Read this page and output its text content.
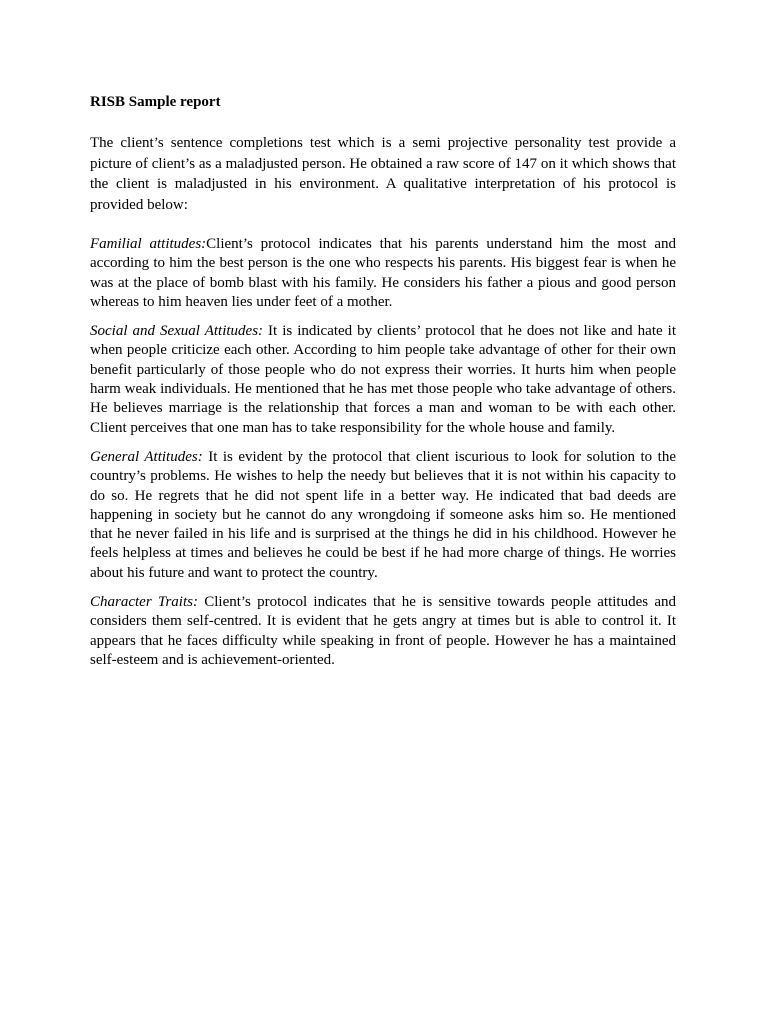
RISB Sample report

The client’s sentence completions test which is a semi projective personality test provide a picture of client’s as a maladjusted person. He obtained a raw score of 147 on it which shows that the client is maladjusted in his environment. A qualitative interpretation of his protocol is provided below:

Familial attitudes:Client’s protocol indicates that his parents understand him the most and according to him the best person is the one who respects his parents. His biggest fear is when he was at the place of bomb blast with his family. He considers his father a pious and good person whereas to him heaven lies under feet of a mother.

Social and Sexual Attitudes: It is indicated by clients’ protocol that he does not like and hate it when people criticize each other. According to him people take advantage of other for their own benefit particularly of those people who do not express their worries. It hurts him when people harm weak individuals. He mentioned that he has met those people who take advantage of others. He believes marriage is the relationship that forces a man and woman to be with each other. Client perceives that one man has to take responsibility for the whole house and family.

General Attitudes: It is evident by the protocol that client iscurious to look for solution to the country’s problems. He wishes to help the needy but believes that it is not within his capacity to do so. He regrets that he did not spent life in a better way. He indicated that bad deeds are happening in society but he cannot do any wrongdoing if someone asks him so. He mentioned that he never failed in his life and is surprised at the things he did in his childhood. However he feels helpless at times and believes he could be best if he had more charge of things. He worries about his future and want to protect the country.

Character Traits: Client’s protocol indicates that he is sensitive towards people attitudes and considers them self-centred. It is evident that he gets angry at times but is able to control it. It appears that he faces difficulty while speaking in front of people. However he has a maintained self-esteem and is achievement-oriented.
